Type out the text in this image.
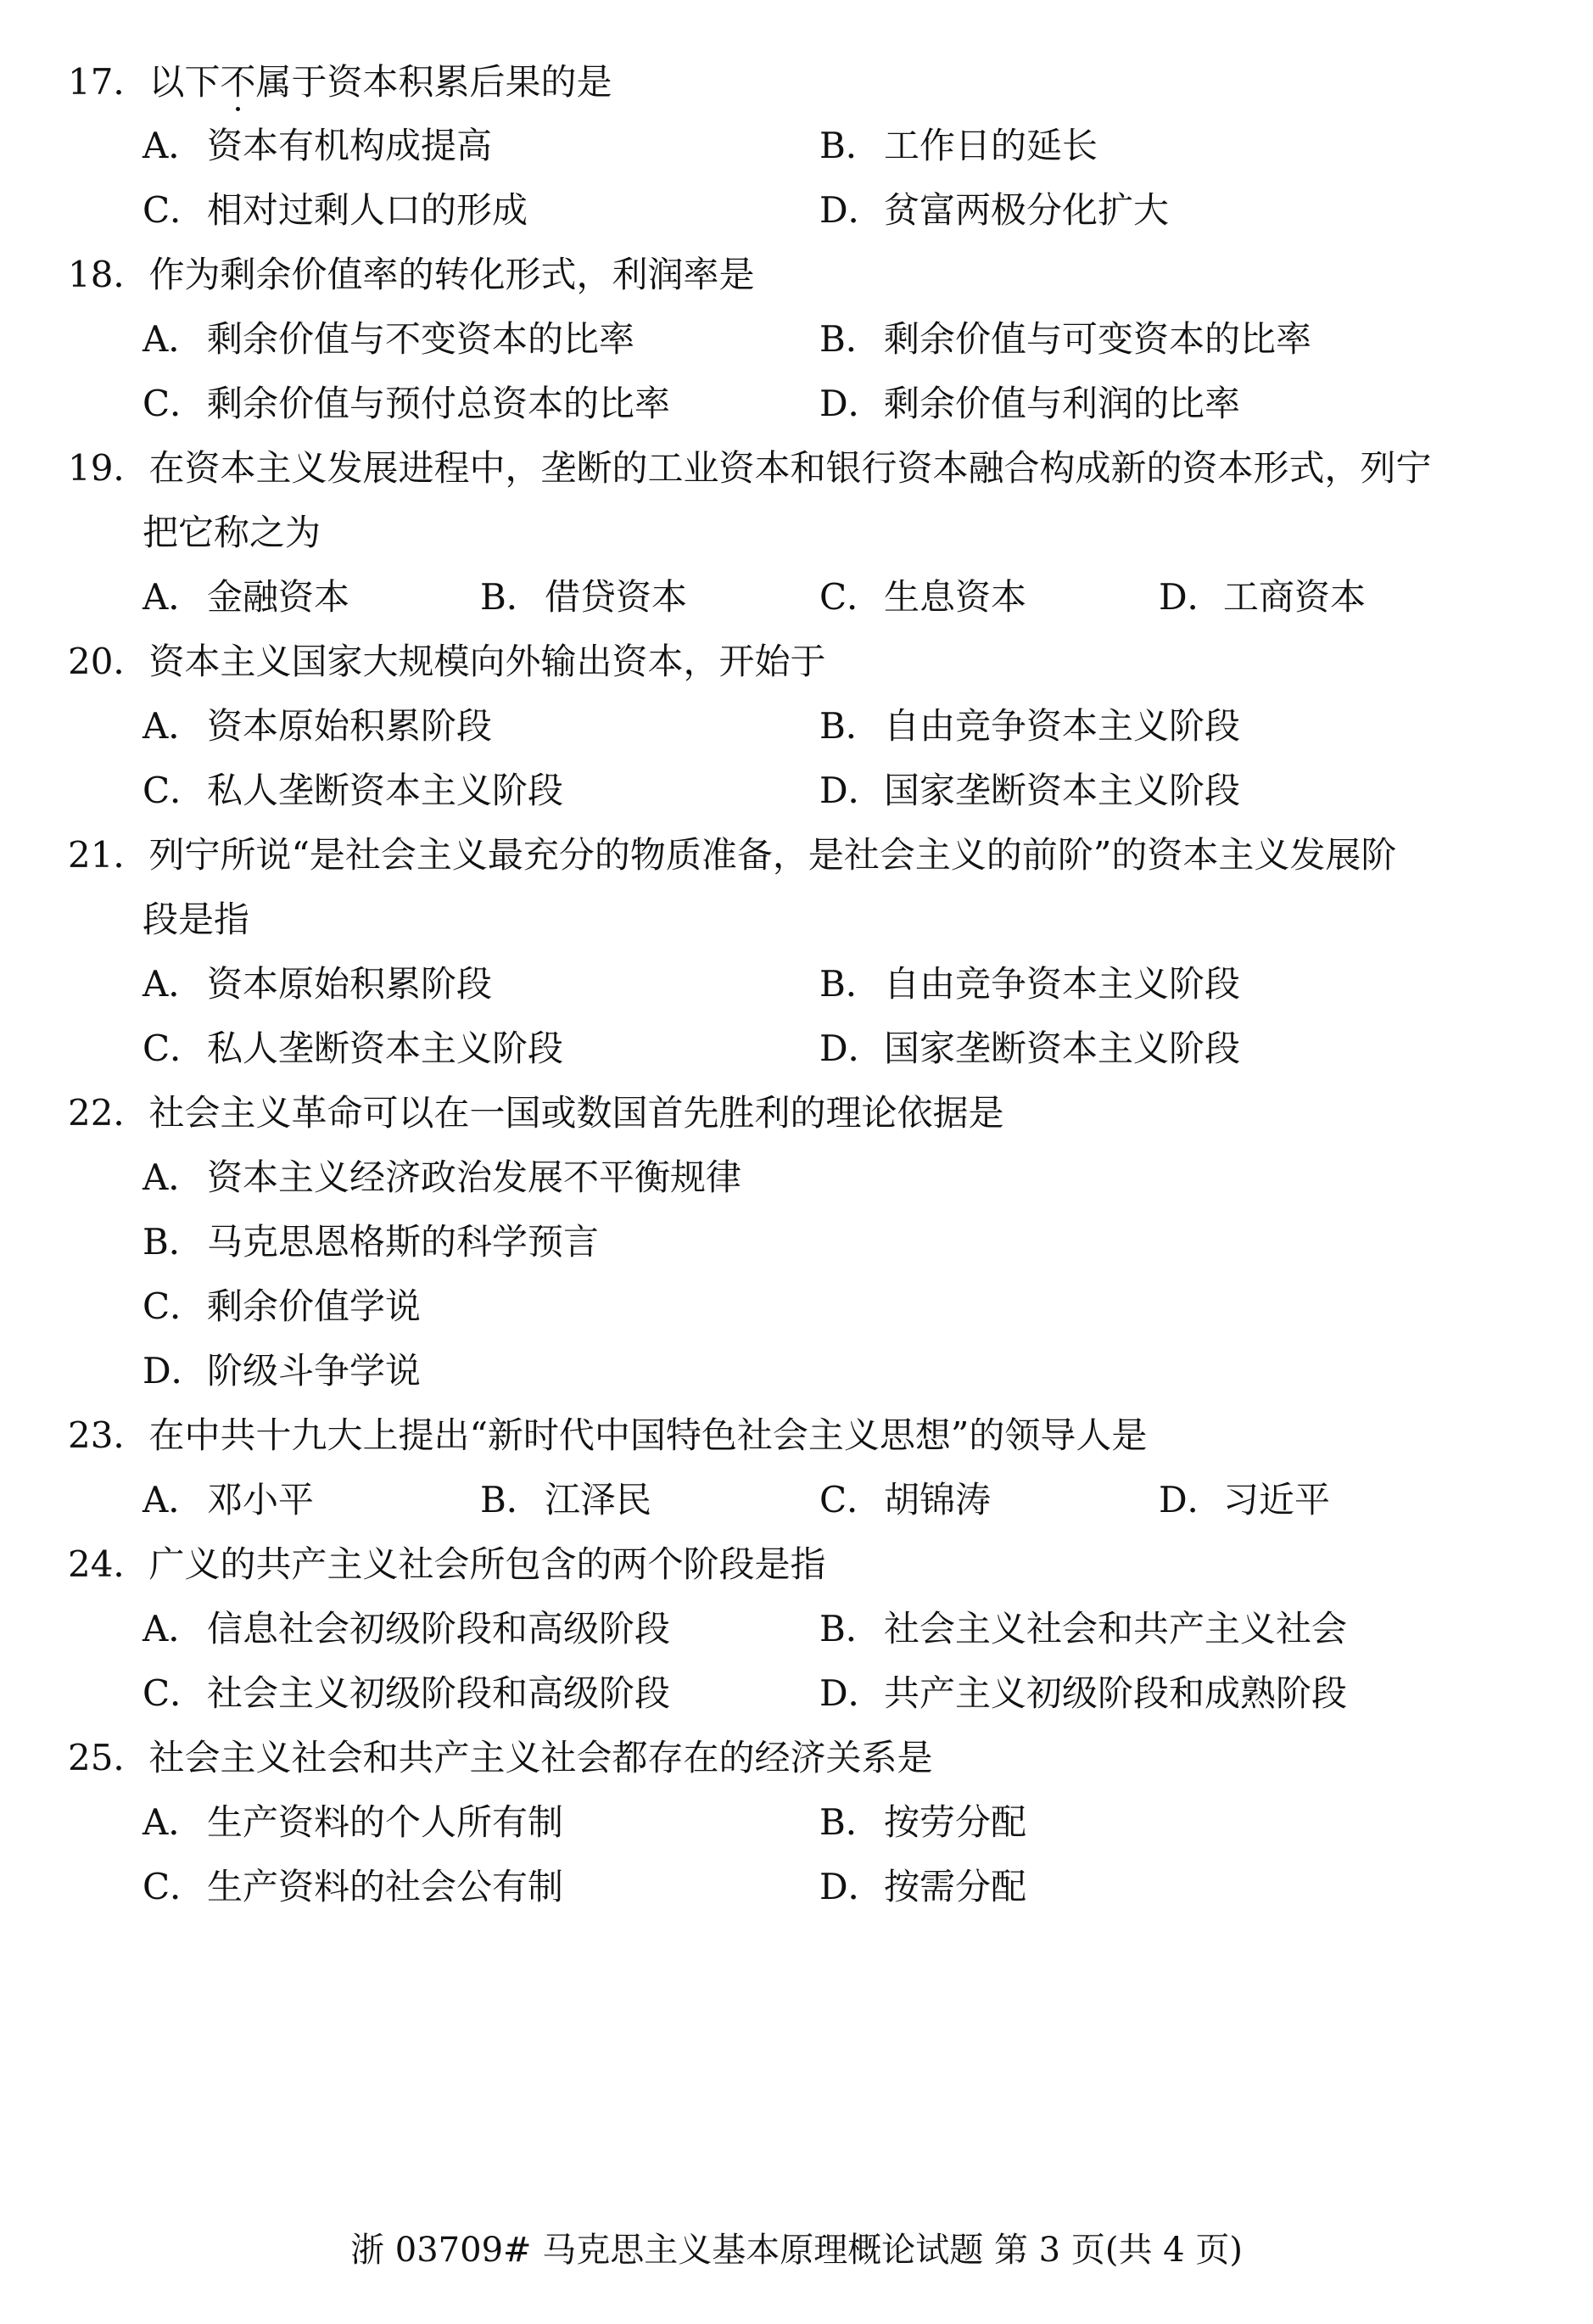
17．以下不属于资本积累后果的是
A．资本有机构成提高	B．工作日的延长
C．相对过剩人口的形成	D．贫富两极分化扩大
18．作为剩余价值率的转化形式，利润率是
A．剩余价值与不变资本的比率	B．剩余价值与可变资本的比率
C．剩余价值与预付总资本的比率	D．剩余价值与利润的比率
19．在资本主义发展进程中，垄断的工业资本和银行资本融合构成新的资本形式，列宁
把它称之为
A．金融资本	B．借贷资本	C．生息资本	D．工商资本
20．资本主义国家大规模向外输出资本，开始于
A．资本原始积累阶段	B．自由竞争资本主义阶段
C．私人垄断资本主义阶段	D．国家垄断资本主义阶段
21．列宁所说“是社会主义最充分的物质准备，是社会主义的前阶”的资本主义发展阶
段是指
A．资本原始积累阶段	B．自由竞争资本主义阶段
C．私人垄断资本主义阶段	D．国家垄断资本主义阶段
22．社会主义革命可以在一国或数国首先胜利的理论依据是
A．资本主义经济政治发展不平衡规律
B．马克思恩格斯的科学预言
C．剩余价值学说
D．阶级斗争学说
23．在中共十九大上提出“新时代中国特色社会主义思想”的领导人是
A．邓小平	B．江泽民	C．胡锦涛	D．习近平
24．广义的共产主义社会所包含的两个阶段是指
A．信息社会初级阶段和高级阶段	B．社会主义社会和共产主义社会
C．社会主义初级阶段和高级阶段	D．共产主义初级阶段和成熟阶段
25．社会主义社会和共产主义社会都存在的经济关系是
A．生产资料的个人所有制	B．按劳分配
C．生产资料的社会公有制	D．按需分配
浙 03709# 马克思主义基本原理概论试题 第 3 页(共 4 页)
